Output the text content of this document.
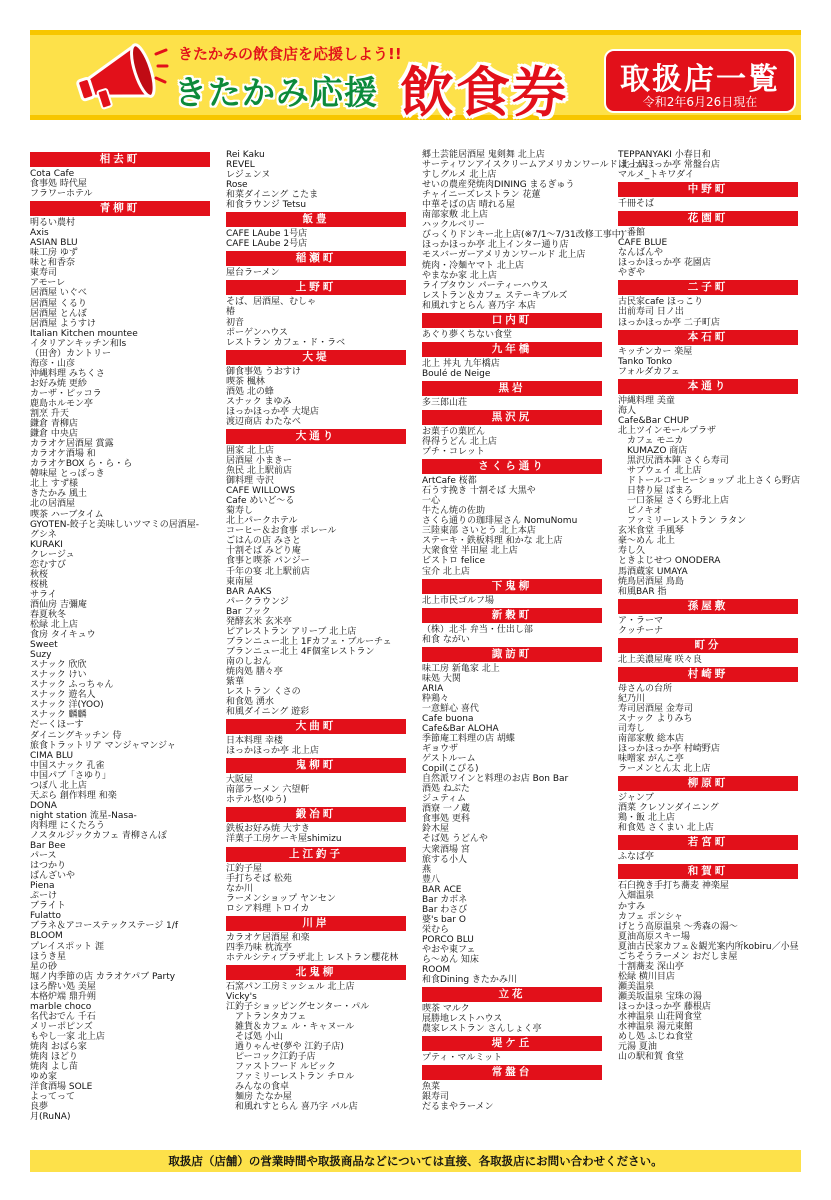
きたかみの飲食店を応援しよう!!
きたかみ応援 飲食券	取扱店一覧
令和2年6月26日現在
相去町
Cota Cafe
食事処 時代屋
フラワーホテル
青柳町
明るい農村
Axis
ASIAN BLU
味工房 ゆず
味と和香奈
東寿司
アモーレ
居酒屋 いぐべ
居酒屋 くるり
居酒屋 とんぼ
居酒屋 ようすけ
Italian Kitchen mountee
イタリアンキッチン和ls
（田舎）カントリー
海彦・山彦
沖縄料理 みちくさ
お好み焼 更紗
カーザ・ピッコラ
鹿島ホルモン亭
割烹 升天
鎌倉 青柳店
鎌倉 中央店
カラオケ居酒屋 賞露
カラオケ酒場 和
カラオケBOX ら・ら・ら
韓味屋 とっぽっき
北上 すず様
きたかみ 風土
北の居酒屋
喫茶 ハーブタイム
GYOTEN-餃子と美味しいツマミの居酒屋-
グシネ
KURAKI
クレージュ
恋むすび
秋桜
桜桃
サライ
酒仙房 吉彌庵
春夏秋冬
松緑 北上店
食房 タイキュウ
Sweet
Suzy
スナック 欣欣
スナック けい
スナック ふっちゃん
スナック 遊名人
スナック 洋(YOO)
スナック 麟麟
だーくほーす
ダイニングキッチン 侍
旅食トラットリア マンジャマンジャ
CIMA BLU
中国スナック 孔雀
中国パブ「さゆり」
つぼ八 北上店
天ぷら 創作料理 和楽
DONA
night station 流星-Nasa-
肉料理 にくたろう
ノスタルジックカフェ 青柳さんぽ
Bar Bee
パース
はつかり
ぱんざいや
Piena
ぷーけ
ブライト
Fulatto
ブラネ＆アコーステックステージ 1/f
BLOOM
プレイスポット 涯
ほうき星
星の砂
堀ノ内季節の店 カラオケパブ Party
ほろ酔い処 美屋
本格炉端 鼎升朔
marble choco
名代おでん 千石
メリーポピンズ
もやし一家 北上店
焼肉 おばら家
焼肉 ほどり
焼肉 よし苗
ゆめ家
洋食酒場 SOLE
よってって
良夢
月(RuNA)
Rei Kaku
REVEL
レジェンヌ
Rose
和菜ダイニング こたま
和食ラウンジ Tetsu
飯豊
CAFE LAube 1号店
CAFE LAube 2号店
稲瀬町
屋台ラーメン
上野町
そば、居酒屋、むしゃ
椿
初音
ポーゲンハウス
レストラン カフェ・ド・ラベ
大堤
御食事処 うおすけ
喫茶 楓林
酒処 北の蜂
スナック まゆみ
ほっかほっか亭 大堤店
渡辺商店 わたなべ
大通り
囲家 北上店
居酒屋 小まきー
魚民 北上駅前店
御料理 寺沢
CAFE WILLOWS
Cafe めいど～る
菊寿し
北上パークホテル
コーヒー＆お食事 ポレール
ごはんの店 みさと
十割そば みどり庵
食事と喫茶 パンジー
千年の宴 北上駅前店
東南屋
BAR AAKS
パークラウンジ
Bar フック
発酵玄米 玄米亭
ピアレストラン アリーブ 北上店
ブランニュー北上 1Fカフェ・ブルーチェ
ブランニュー北上 4F個室レストラン
南のしおん
焼肉処 膳々亭
紫華
レストラン くさの
和食処 湧水
和風ダイニング 遊彩
大曲町
日本料理 幸楼
ほっかほっか亭 北上店
鬼柳町
大阪屋
南部ラーメン 六望軒
ホテル悠(ゆう)
鍛冶町
鉄板お好み焼 大すき
洋菓子工房ケーキ屋shimizu
上江釣子
江釣子屋
手打ちそば 松苑
なか川
ラーメンショップ ヤンセン
ロシア料理 トロイカ
川岸
カラオケ居酒屋 和楽
四季乃味 枕流亭
ホテルシティプラザ北上 レストラン櫻花林
北鬼柳
石窯パン工房ミッシェル 北上店
Vicky's
江釣子ショッピングセンター・パル
　アトランタカフェ
　雑貨＆カフェ ル・キャヌール
　そば処 小山
　過りゃんせ(夢や 江釣子店)
　ピーコック江釣子店
　ファストフード ルビック
　ファミリーレストラン チロル
　みんなの食卓
　麺房 たなか屋
　和風れすとらん 喜乃字 パル店
郷土芸能居酒屋 鬼剣舞 北上店
サーティワンアイスクリームアメリカンワールド 北上店
すしグルメ 北上店
せいの農産発焼肉DINING まるぎゅう
チャイニーズレストラン 花蓮
中華そばの店 晴れる屋
南部家敷 北上店
ハックルベリー
びっくりドンキー北上店(※7/1～7/31改修工事中)
ほっかほっか亭 北上インター通り店
モスバーガーアメリカンワールド 北上店
焼肉・冷麺ヤマト 北上店
やまなか家 北上店
ライブタウン パーティーハウス
レストラン＆カフェ ステーキブルズ
和風れすとらん 喜乃字 本店
口内町
あぐり夢くちない食堂
九年橋
北上 丼丸 九年橋店
Boulé de Neige
黒岩
多三郎山荘
黒沢尻
お菓子の菓匠ん
得得うどん 北上店
プチ・コレット
さくら通り
ArtCafe 桜都
石うす挽き 十割そば 大黒や
一心
牛たん焼の佐助
さくら通りの珈琲屋さん NomuNomu
三陸東部 さいとう 北上本店
ステーキ・鉄板料理 和かな 北上店
大衆食堂 半田屋 北上店
ビストロ felice
宝介 北上店
下鬼柳
北上市民ゴルフ場
新穀町
（株）北斗 弁当・仕出し部
和食 ながい
諏訪町
味工房 新亀家 北上
味処 大関
ARIA
粋鶏々
一意鮮心 喜代
Cafe buona
Cafe&Bar ALOHA
季節庵工料理の店 胡蝶
ギョウザ
ゲストルーム
Copil(こぴる)
自然派ワインと料理のお店 Bon Bar
酒処 ねぶた
ジュティム
酒寮 一ノ蔵
食事処 更科
鈴木屋
そば処 うどんや
大衆酒場 宮
旅する小人
燕
豊八
BAR ACE
Bar カボネ
Bar わさび
婆's bar O
栄むら
PORCO BLU
やおや東フェ
ら～めん 知床
ROOM
和食Dining きたかみ川
立花
喫茶 マルク
展勝地レストハウス
農家レストラン さんしょく亭
堤ケ丘
プティ・マルミット
常盤台
魚菜
銀寿司
だるまやラーメン
TEPPANYAKI 小春日和
ほっかほっか亭 常盤台店
マルメ_トキワダイ
中野町
千冊そば
花園町
一番館
CAFE BLUE
なんばんや
ほっかほっか亭 花園店
やぎや
二子町
古民家cafe ほっこり
出前寿司 日ノ出
ほっかほっか亭 二子町店
本石町
キッチンカー 楽屋
Tanko Tonko
フォルダカフェ
本通り
沖縄料理 美童
海人
Cafe&Bar CHUP
北上ツインモールプラザ
　カフェ モニカ
　KUMAZO 商店
　黒沢尻酒本陣 さくら寿司
　サブウェイ 北上店
　ドトールコーヒーショップ 北上さくら野店
　日替り屋 ぱまろ
　一口茶屋 さくら野北上店
　ピノキオ
　ファミリーレストラン ラタン
玄米食堂 手風琴
豪～めん 北上
寿し久
ときよじせつ ONODERA
馬酒蔵家 UMAYA
焼鳥居酒屋 鳥島
和風BAR 指
孫屋敷
ア・ラーマ
クッチーナ
町分
北上美濃屋庵 咲々良
村崎野
母さんの台所
紀乃川
寿司居酒屋 金寿司
スナック よりみち
司寿し
南部家敷 総本店
ほっかほっか亭 村崎野店
味噌家 がんこ亭
ラーメンとん太 北上店
柳原町
ジャンブ
酒菜 クレソンダイニング
鶏・飯 北上店
和食処 さくまい 北上店
若宮町
ふなば亭
和賀町
石臼挽き手打ち蕎麦 神楽屋
入畑温泉
かすみ
カフェ ポンシャ
げとう高原温泉 ～秀森の湯～
夏油高原スキー場
夏油古民家カフェ＆観光案内所kobiru／小昼
ごちそうラーメン おだしま屋
十割蕎麦 深山亭
松緑 横川目店
瀬美温泉
瀬美坂温泉 宝珠の湯
ほっかほっか亭 藤根店
水神温泉 山荘岡食堂
水神温泉 湯元東館
めし処 ふじね食堂
元湯 夏油
山の駅和賀 食堂
取扱店（店舗）の営業時間や取扱商品などについては直接、各取扱店にお問い合わせください。
